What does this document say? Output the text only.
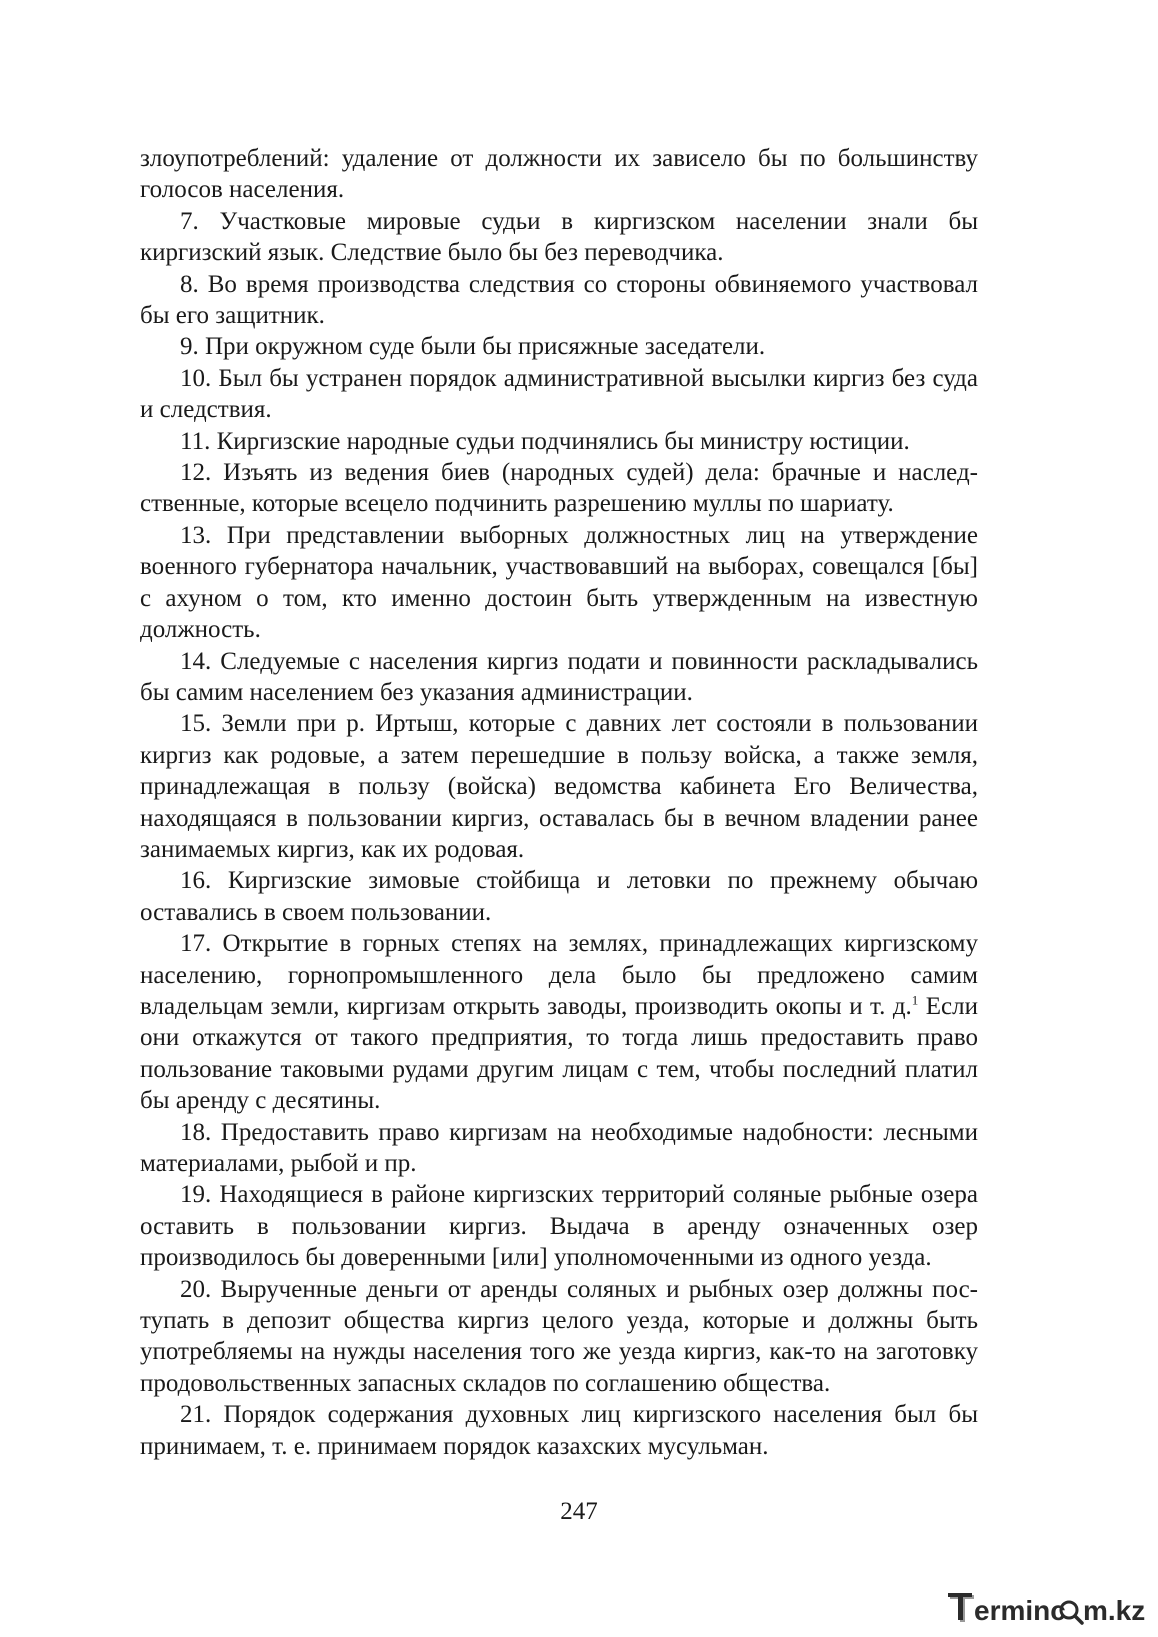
злоупотреблений: удаление от должности их зависело бы по большинству голосов населения.

7. Участковые мировые судьи в киргизском населении знали бы киргизский язык. Следствие было бы без переводчика.

8. Во время производства следствия со стороны обвиняемого участвовал бы его защитник.

9. При окружном суде были бы присяжные заседатели.

10. Был бы устранен порядок административной высылки киргиз без суда и следствия.

11. Киргизские народные судьи подчинялись бы министру юстиции.

12. Изъять из ведения биев (народных судей) дела: брачные и наследственные, которые всецело подчинить разрешению муллы по шариату.

13. При представлении выборных должностных лиц на утверждение военного губернатора начальник, участвовавший на выборах, совещался [бы] с ахуном о том, кто именно достоин быть утвержденным на известную должность.

14. Следуемые с населения киргиз подати и повинности раскладывались бы самим населением без указания администрации.

15. Земли при р. Иртыш, которые с давних лет состояли в пользовании киргиз как родовые, а затем перешедшие в пользу войска, а также земля, принадлежащая в пользу (войска) ведомства кабинета Его Величества, находящаяся в пользовании киргиз, оставалась бы в вечном владении ранее занимаемых киргиз, как их родовая.

16. Киргизские зимовые стойбища и летовки по прежнему обычаю оставались в своем пользовании.

17. Открытие в горных степях на землях, принадлежащих киргизскому населению, горнопромышленного дела было бы предложено самим владельцам земли, киргизам открыть заводы, производить окопы и т. д.$^1$ Если они откажутся от такого предприятия, то тогда лишь предоставить право пользование таковыми рудами другим лицам с тем, чтобы последний платил бы аренду с десятины.

18. Предоставить право киргизам на необходимые надобности: лесными материалами, рыбой и пр.

19. Находящиеся в районе киргизских территорий соляные рыбные озера оставить в пользовании киргиз. Выдача в аренду означенных озер производилось бы доверенными [или] уполномоченными из одного уезда.

20. Вырученные деньги от аренды соляных и рыбных озер должны поступать в депозит общества киргиз целого уезда, которые и должны быть употребляемы на нужды населения того же уезда киргиз, как-то на заготовку продовольственных запасных складов по соглашению общества.

21. Порядок содержания духовных лиц киргизского населения был бы принимаем, т. е. принимаем порядок казахских мусульман.

247

erminc m.kz
